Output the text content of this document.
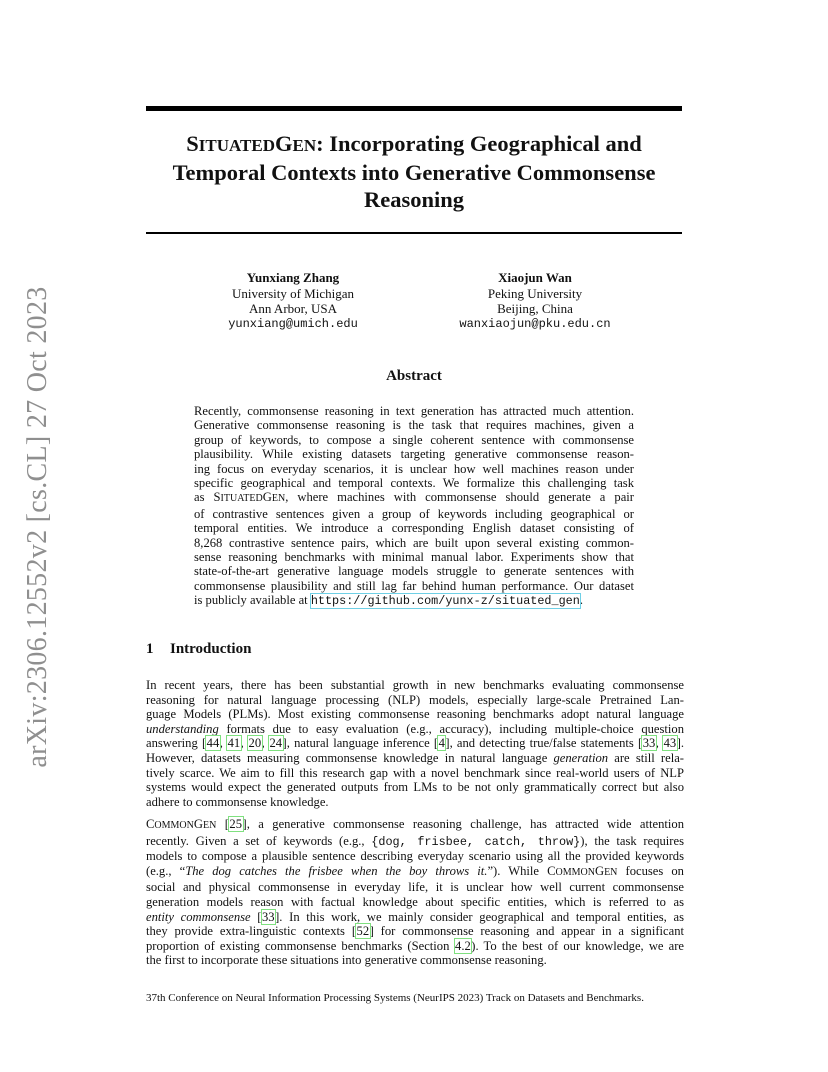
arXiv:2306.12552v2 [cs.CL] 27 Oct 2023
SITUATEDGEN: Incorporating Geographical and
Temporal Contexts into Generative Commonsense
Reasoning
Yunxiang Zhang
University of Michigan
Ann Arbor, USA
yunxiang@umich.edu
Xiaojun Wan
Peking University
Beijing, China
wanxiaojun@pku.edu.cn
Abstract
Recently, commonsense reasoning in text generation has attracted much attention.
Generative commonsense reasoning is the task that requires machines, given a
group of keywords, to compose a single coherent sentence with commonsense
plausibility. While existing datasets targeting generative commonsense reason-
ing focus on everyday scenarios, it is unclear how well machines reason under
specific geographical and temporal contexts. We formalize this challenging task
as SITUATEDGEN, where machines with commonsense should generate a pair
of contrastive sentences given a group of keywords including geographical or
temporal entities. We introduce a corresponding English dataset consisting of
8,268 contrastive sentence pairs, which are built upon several existing common-
sense reasoning benchmarks with minimal manual labor. Experiments show that
state-of-the-art generative language models struggle to generate sentences with
commonsense plausibility and still lag far behind human performance. Our dataset
is publicly available at https://github.com/yunx-z/situated_gen.
1 Introduction
In recent years, there has been substantial growth in new benchmarks evaluating commonsense
reasoning for natural language processing (NLP) models, especially large-scale Pretrained Lan-
guage Models (PLMs). Most existing commonsense reasoning benchmarks adopt natural language
understanding formats due to easy evaluation (e.g., accuracy), including multiple-choice question
answering [44, 41, 20, 24], natural language inference [4], and detecting true/false statements [33, 43].
However, datasets measuring commonsense knowledge in natural language generation are still rela-
tively scarce. We aim to fill this research gap with a novel benchmark since real-world users of NLP
systems would expect the generated outputs from LMs to be not only grammatically correct but also
adhere to commonsense knowledge.
COMMONGEN [25], a generative commonsense reasoning challenge, has attracted wide attention
recently. Given a set of keywords (e.g., {dog, frisbee, catch, throw}), the task requires
models to compose a plausible sentence describing everyday scenario using all the provided keywords
(e.g., “The dog catches the frisbee when the boy throws it.”). While COMMONGEN focuses on
social and physical commonsense in everyday life, it is unclear how well current commonsense
generation models reason with factual knowledge about specific entities, which is referred to as
entity commonsense [33]. In this work, we mainly consider geographical and temporal entities, as
they provide extra-linguistic contexts [52] for commonsense reasoning and appear in a significant
proportion of existing commonsense benchmarks (Section 4.2). To the best of our knowledge, we are
the first to incorporate these situations into generative commonsense reasoning.
37th Conference on Neural Information Processing Systems (NeurIPS 2023) Track on Datasets and Benchmarks.
